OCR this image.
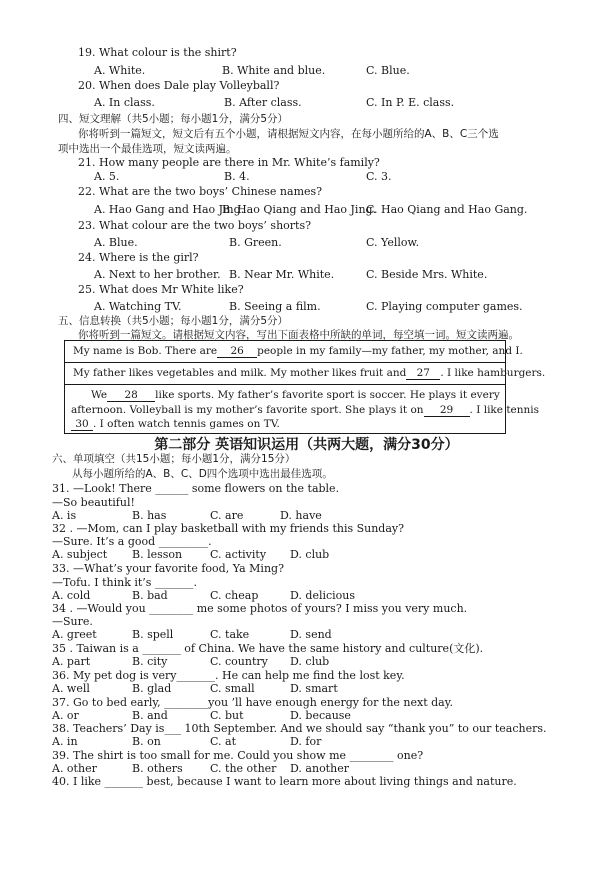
19. What colour is the shirt?
A. White.	B. White and blue.	C. Blue.
20. When does Dale play Volleyball?
A. In class.	B. After class.	C. In P. E. class.
四、短文理解（共5小题；每小题1分，满分5分）
你将听到一篇短文，短文后有五个小题，请根据短文内容，在每小题所给的A、B、C三个选
项中选出一个最佳选项，短文读两遍。
21. How many people are there in Mr. White’s family?
A. 5.	B. 4.	C. 3.
22. What are the two boys’ Chinese names?
A. Hao Gang and Hao Jing.
B. Hao Qiang and Hao Jing.
C. Hao Qiang and Hao Gang.
23. What colour are the two boys’ shorts?
A. Blue.	B. Green.	C. Yellow.
24. Where is the girl?
A. Next to her brother. B. Near Mr. White.	C. Beside Mrs. White.
25. What does Mr White like?
A. Watching TV.	B. Seeing a film.	C. Playing computer games.
五、信息转换（共5小题；每小题1分，满分5分）
你将听到一篇短文。请根据短文内容，写出下面表格中所缺的单词，每空填一词。短文读两遍。
My name is Bob. There are 26 people in my family—my father, my mother, and I.
My father likes vegetables and milk. My mother likes fruit and 27 . I like hamburgers.
We 28 like sports. My father’s favorite sport is soccer. He plays it every
afternoon. Volleyball is my mother’s favorite sport. She plays it on 29 . I like tennis
30 . I often watch tennis games on TV.
第二部分 英语知识运用（共两大题，满分30分）
六、单项填空（共15小题；每小题1分，满分15分）
从每小题所给的A、B、C、D四个选项中选出最佳选项。
31. —Look! There ______ some flowers on the table.
—So beautiful!
A. is	B. has	C. are	D. have
32 . —Mom, can I play basketball with my friends this Sunday?
—Sure. It’s a good _________.
A. subject B. lesson	C. activity D. club
33. —What’s your favorite food, Ya Ming?
—Tofu. I think it’s _______.
A. cold	B. bad	C. cheap	D. delicious
34 . —Would you ________ me some photos of yours? I miss you very much.
—Sure.
A. greet	B. spell	C. take	D. send
35 . Taiwan is a _______ of China. We have the same history and culture(文化).
A. part	B. city	C. country D. club
36. My pet dog is very_______. He can help me find the lost key.
A. well	B. glad	C. small	D. smart
37. Go to bed early, ________you ’ll have enough energy for the next day.
A. or	B. and	C. but	D. because
38. Teachers’ Day is___ 10th September. And we should say “thank you” to our teachers.
A. in	B. on	C. at	D. for
39. The shirt is too small for me. Could you show me ________ one?
A. other	B. others C. the other D. another
40. I like _______ best, because I want to learn more about living things and nature.
